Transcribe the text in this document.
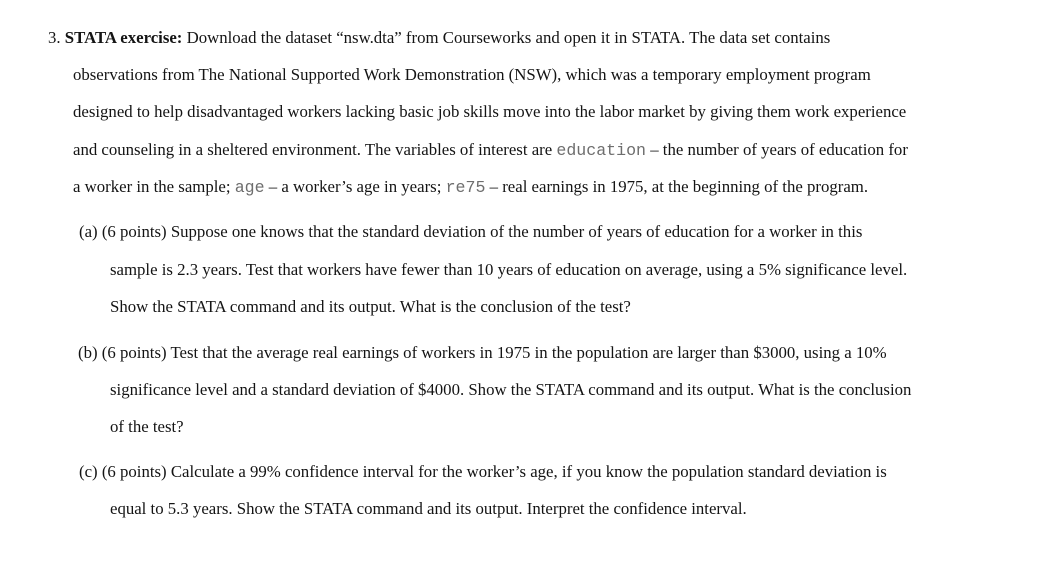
3. STATA exercise: Download the dataset “nsw.dta” from Courseworks and open it in STATA. The data set contains
observations from The National Supported Work Demonstration (NSW), which was a temporary employment program
designed to help disadvantaged workers lacking basic job skills move into the labor market by giving them work experience
and counseling in a sheltered environment. The variables of interest are education – the number of years of education for
a worker in the sample; age – a worker’s age in years; re75 – real earnings in 1975, at the beginning of the program.
(a) (6 points) Suppose one knows that the standard deviation of the number of years of education for a worker in this
sample is 2.3 years. Test that workers have fewer than 10 years of education on average, using a 5% significance level.
Show the STATA command and its output. What is the conclusion of the test?
(b) (6 points) Test that the average real earnings of workers in 1975 in the population are larger than $3000, using a 10%
significance level and a standard deviation of $4000. Show the STATA command and its output. What is the conclusion
of the test?
(c) (6 points) Calculate a 99% confidence interval for the worker’s age, if you know the population standard deviation is
equal to 5.3 years. Show the STATA command and its output. Interpret the confidence interval.
